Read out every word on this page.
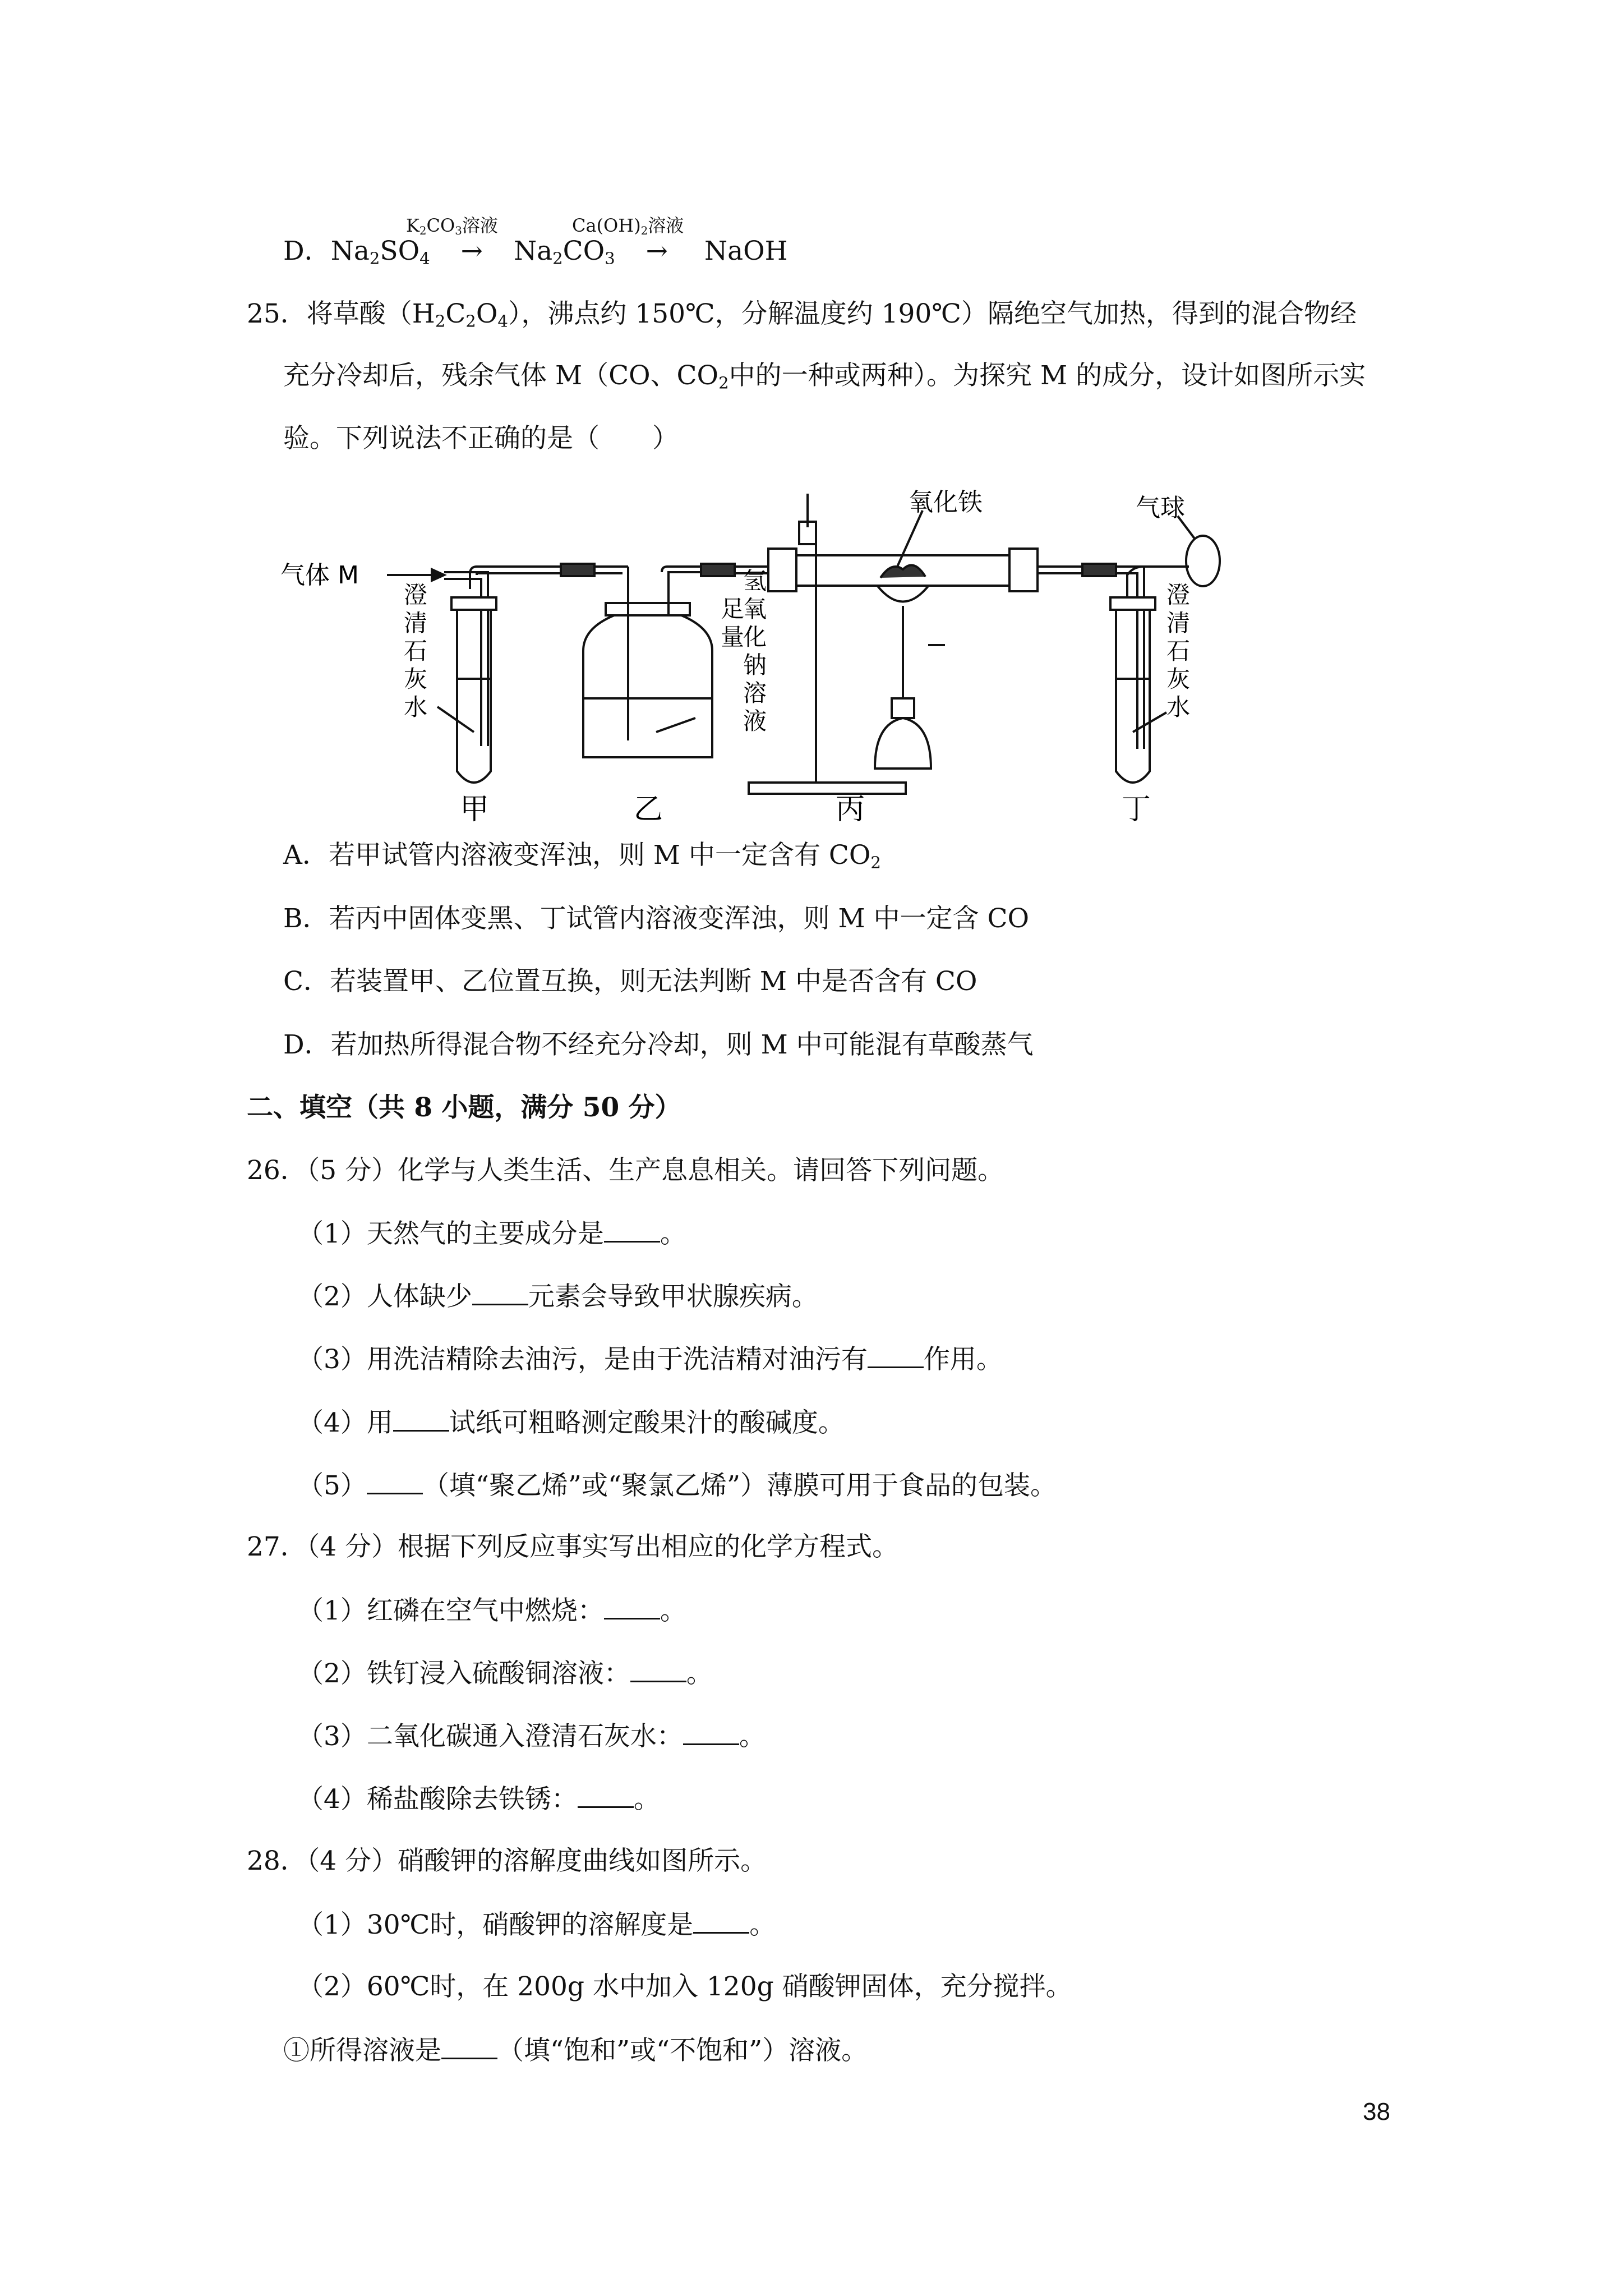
$K_2CO_3$溶液	$Ca(OH)_2$溶液
D．$Na_2SO_4 \to Na_2CO_3$ → NaOH
25．将草酸$(H_2C_2O_4)$，沸点约 150℃，分解温度约 190℃）隔绝空气加热，得到的混合物经
充分冷却后，残余气体 M（CO、$CO_2$中的一种或两种）。为探究 M 的成分，设计如图所示实
验。下列说法不正确的是（　　）
气体 M
氧化铁	气球
澄
清
石
灰
水
足
量
氢
氧
化
钠
溶
液
澄
清
石
灰
水
甲	乙	丙	丁
A．若甲试管内溶液变浑浊，则 M 中一定含有 $CO_2$
B．若丙中固体变黑、丁试管内溶液变浑浊，则 M 中一定含 CO
C．若装置甲、乙位置互换，则无法判断 M 中是否含有 CO
D．若加热所得混合物不经充分冷却，则 M 中可能混有草酸蒸气
二、填空（共 8 小题，满分 50 分）
26．（5 分）化学与人类生活、生产息息相关。请回答下列问题。
（1）天然气的主要成分是 。
（2）人体缺少 元素会导致甲状腺疾病。
（3）用洗洁精除去油污，是由于洗洁精对油污有 作用。
（4）用 试纸可粗略测定酸果汁的酸碱度。
（5） （填“聚乙烯”或“聚氯乙烯”）薄膜可用于食品的包装。
27．（4 分）根据下列反应事实写出相应的化学方程式。
（1）红磷在空气中燃烧： 。
（2）铁钉浸入硫酸铜溶液： 。
（3）二氧化碳通入澄清石灰水： 。
（4）稀盐酸除去铁锈： 。
28．（4 分）硝酸钾的溶解度曲线如图所示。
（1）30℃时，硝酸钾的溶解度是 。
（2）60℃时，在 200g 水中加入 120g 硝酸钾固体，充分搅拌。
①所得溶液是 （填“饱和”或“不饱和”）溶液。
38
